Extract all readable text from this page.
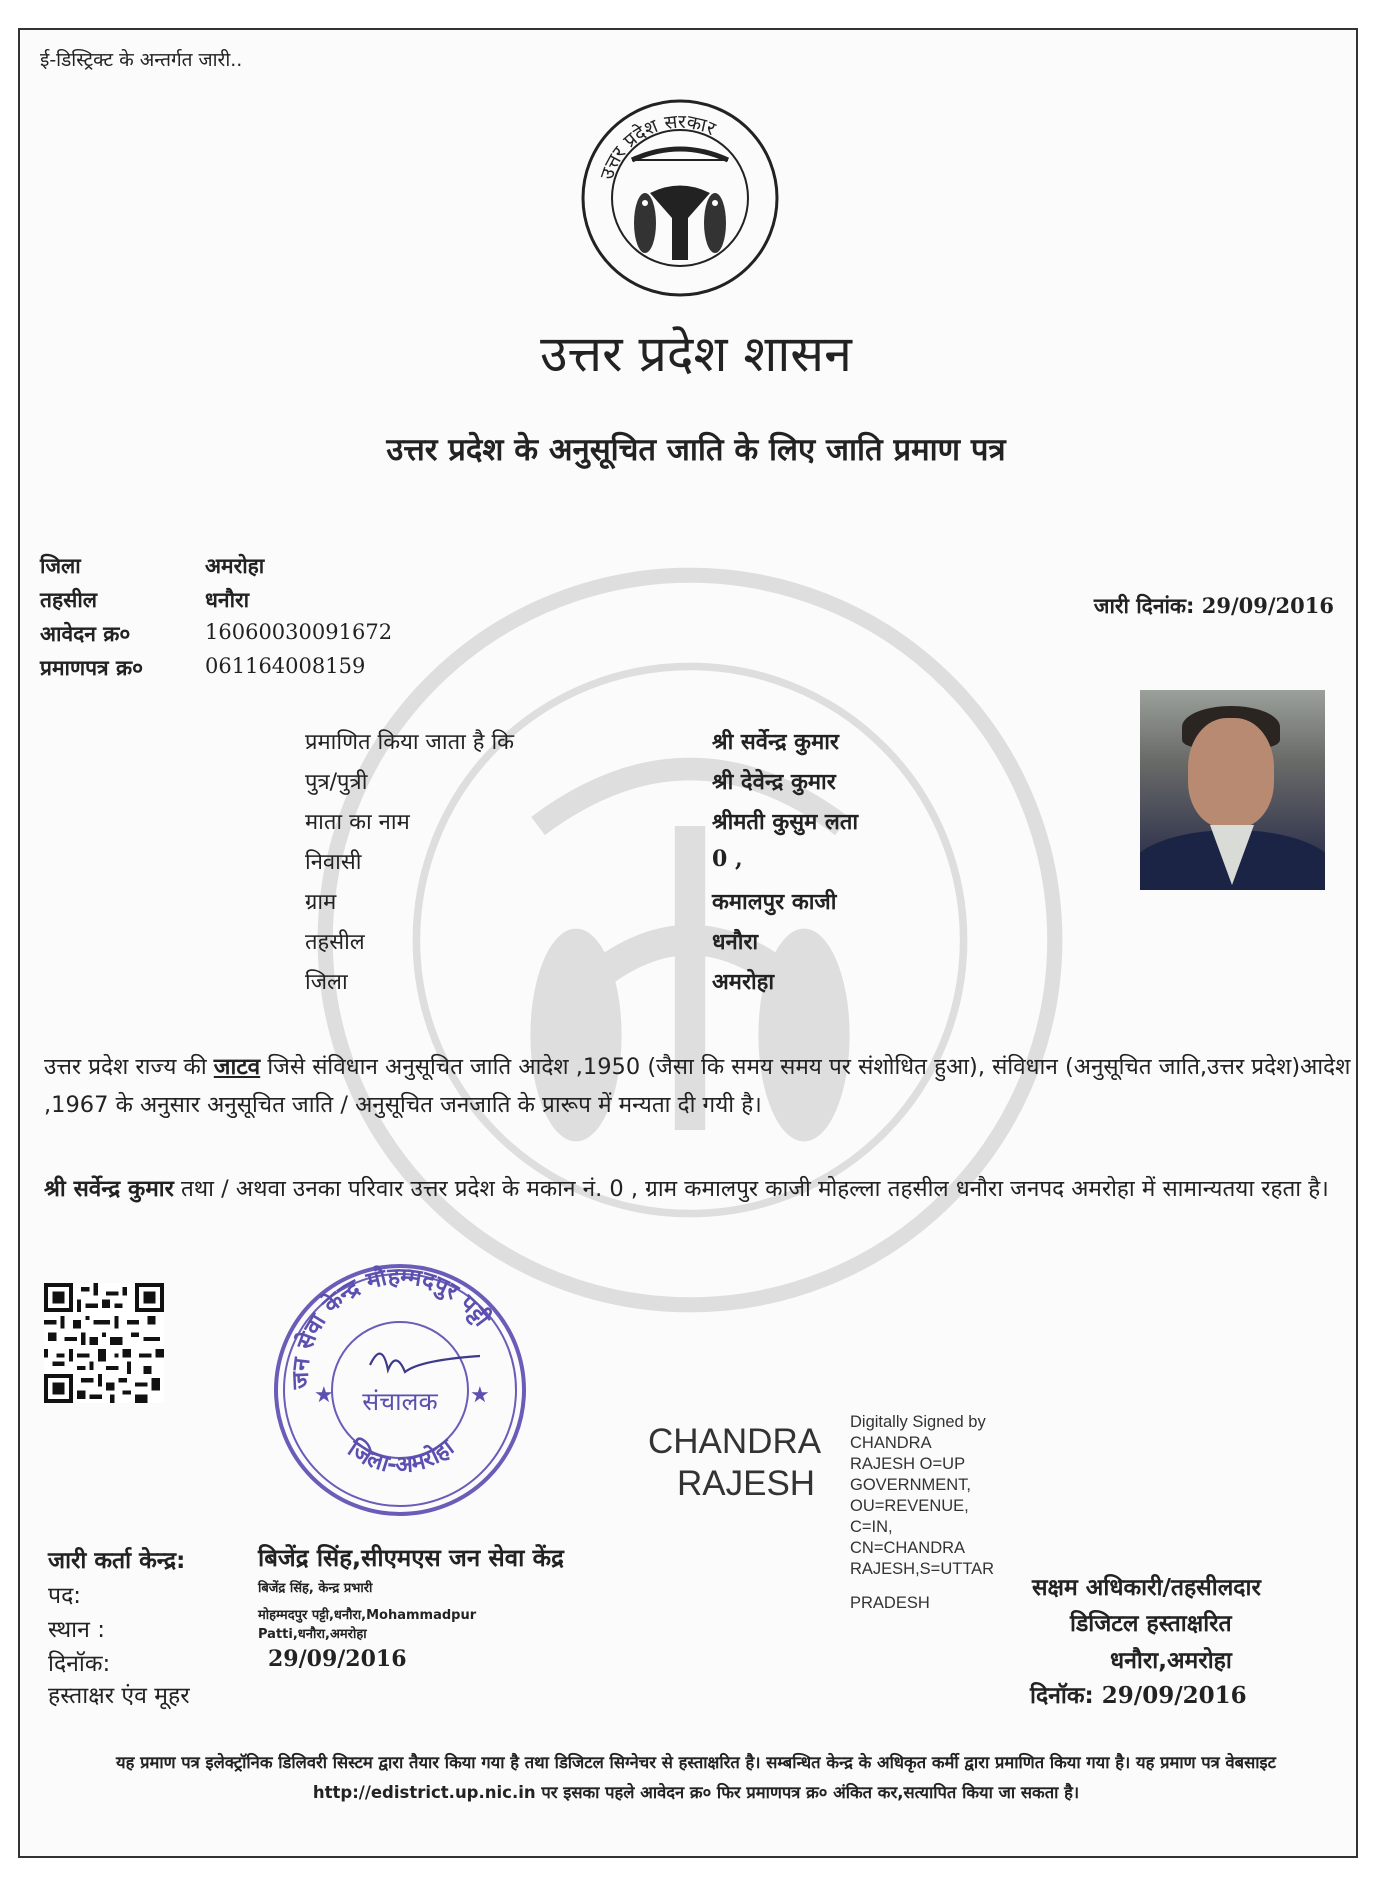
ई-डिस्ट्रिक्ट के अन्तर्गत जारी..
उत्तर प्रदेश सरकार
उत्तर प्रदेश शासन
उत्तर प्रदेश के अनुसूचित जाति के लिए जाति प्रमाण पत्र
जिला	अमरोहा
तहसील	धनौरा
आवेदन क्र०	16060030091672
प्रमाणपत्र क्र०	061164008159
जारी दिनांक: 29/09/2016
प्रमाणित किया जाता है कि	श्री सर्वेन्द्र कुमार
पुत्र/पुत्री	श्री देवेन्द्र कुमार
माता का नाम	श्रीमती कुसुम लता
निवासी	0 ,
ग्राम	कमालपुर काजी
तहसील	धनौरा
जिला	अमरोहा
उत्तर प्रदेश राज्य की जाटव जिसे संविधान अनुसूचित जाति आदेश ,1950 (जैसा कि समय समय पर संशोधित हुआ), संविधान (अनुसूचित जाति,उत्तर प्रदेश)आदेश ,1967 के अनुसार अनुसूचित जाति / अनुसूचित जनजाति के प्रारूप में मन्यता दी गयी है।
श्री सर्वेन्द्र कुमार तथा / अथवा उनका परिवार उत्तर प्रदेश के मकान नं. 0 , ग्राम कमालपुर काजी मोहल्ला तहसील धनौरा जनपद अमरोहा में सामान्यतया रहता है।
जन सेवा केन्द्र मौहम्मदपुर पट्टी
जिला-अमरोहा
★	★
संचालक
CHANDRA
RAJESH
Digitally Signed by
CHANDRA
RAJESH O=UP
GOVERNMENT,
OU=REVENUE,
C=IN,
CN=CHANDRA
RAJESH,S=UTTAR
PRADESH
जारी कर्ता केन्द्र:	बिजेंद्र सिंह,सीएमएस जन सेवा केंद्र
पद:	बिजेंद्र सिंह, केन्द्र प्रभारी
स्थान :
मोहम्मदपुर पट्टी,धनौरा,Mohammadpur
Patti,धनौरा,अमरोहा
दिनॉक:	29/09/2016
हस्ताक्षर एंव मूहर
सक्षम अधिकारी/तहसीलदार
डिजिटल हस्ताक्षरित
धनौरा,अमरोहा
दिनॉक: 29/09/2016
यह प्रमाण पत्र इलेक्ट्रॉनिक डिलिवरी सिस्टम द्वारा तैयार किया गया है तथा डिजिटल सिग्नेचर से हस्ताक्षरित है। सम्बन्धित केन्द्र के अधिकृत कर्मी द्वारा प्रमाणित किया गया है। यह प्रमाण पत्र वेबसाइट http://edistrict.up.nic.in पर इसका पहले आवेदन क्र० फिर प्रमाणपत्र क्र० अंकित कर,सत्यापित किया जा सकता है।
